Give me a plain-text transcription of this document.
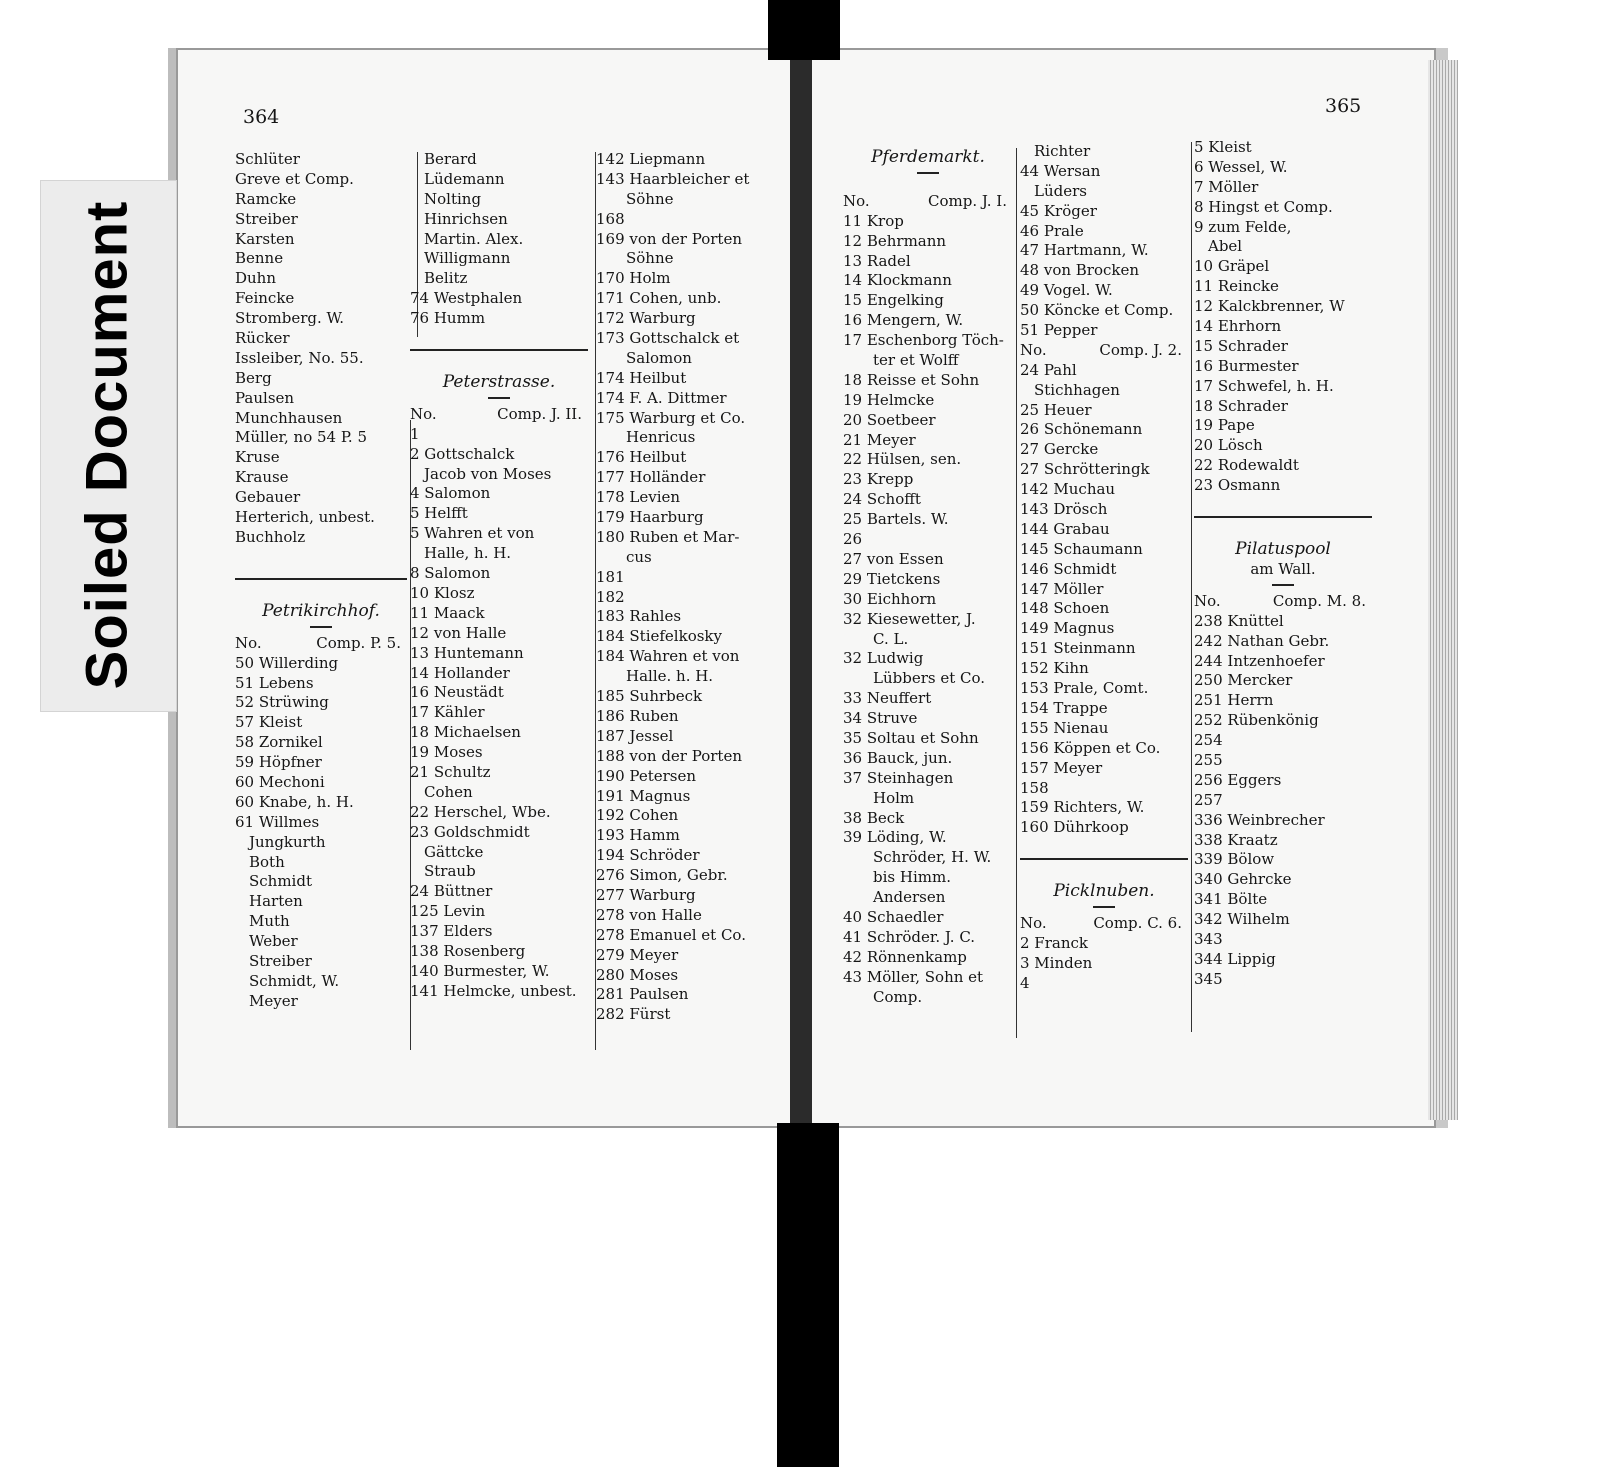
Soiled Document
364
Schlüter
Greve et Comp.
Ramcke
Streiber
Karsten
Benne
Duhn
Feincke
Stromberg. W.
Rücker
Issleiber, No. 55.
Berg
Paulsen
Munchhausen
Müller, no 54 P. 5
Kruse
Krause
Gebauer
Herterich, unbest.
Buchholz
Petrikirchhof.
No.	Comp. P. 5.
50 Willerding
51 Lebens
52 Strüwing
57 Kleist
58 Zornikel
59 Höpfner
60 Mechoni
60 Knabe, h. H.
61 Willmes
Jungkurth
Both
Schmidt
Harten
Muth
Weber
Streiber
Schmidt, W.
Meyer
Berard
Lüdemann
Nolting
Hinrichsen
Martin. Alex.
Willigmann
Belitz
74 Westphalen
76 Humm
Peterstrasse.
No.	Comp. J. II.
1
2 Gottschalck
Jacob von Moses
4 Salomon
5 Helfft
5 Wahren et von
Halle, h. H.
8 Salomon
10 Klosz
11 Maack
12 von Halle
13 Huntemann
14 Hollander
16 Neustädt
17 Kähler
18 Michaelsen
19 Moses
21 Schultz
Cohen
22 Herschel, Wbe.
23 Goldschmidt
Gättcke
Straub
24 Büttner
125 Levin
137 Elders
138 Rosenberg
140 Burmester, W.
141 Helmcke, unbest.
142 Liepmann
143 Haarbleicher et
Söhne
168
169 von der Porten
Söhne
170 Holm
171 Cohen, unb.
172 Warburg
173 Gottschalck et
Salomon
174 Heilbut
174 F. A. Dittmer
175 Warburg et Co.
Henricus
176 Heilbut
177 Holländer
178 Levien
179 Haarburg
180 Ruben et Mar-
cus
181
182
183 Rahles
184 Stiefelkosky
184 Wahren et von
Halle. h. H.
185 Suhrbeck
186 Ruben
187 Jessel
188 von der Porten
190 Petersen
191 Magnus
192 Cohen
193 Hamm
194 Schröder
276 Simon, Gebr.
277 Warburg
278 von Halle
278 Emanuel et Co.
279 Meyer
280 Moses
281 Paulsen
282 Fürst
365
Pferdemarkt.
No.	Comp. J. I.
11 Krop
12 Behrmann
13 Radel
14 Klockmann
15 Engelking
16 Mengern, W.
17 Eschenborg Töch-
ter et Wolff
18 Reisse et Sohn
19 Helmcke
20 Soetbeer
21 Meyer
22 Hülsen, sen.
23 Krepp
24 Schofft
25 Bartels. W.
26
27 von Essen
29 Tietckens
30 Eichhorn
32 Kiesewetter, J.
C. L.
32 Ludwig
Lübbers et Co.
33 Neuffert
34 Struve
35 Soltau et Sohn
36 Bauck, jun.
37 Steinhagen
Holm
38 Beck
39 Löding, W.
Schröder, H. W.
bis Himm.
Andersen
40 Schaedler
41 Schröder. J. C.
42 Rönnenkamp
43 Möller, Sohn et
Comp.
Richter
44 Wersan
Lüders
45 Kröger
46 Prale
47 Hartmann, W.
48 von Brocken
49 Vogel. W.
50 Köncke et Comp.
51 Pepper
No.	Comp. J. 2.
24 Pahl
Stichhagen
25 Heuer
26 Schönemann
27 Gercke
27 Schrötteringk
142 Muchau
143 Drösch
144 Grabau
145 Schaumann
146 Schmidt
147 Möller
148 Schoen
149 Magnus
151 Steinmann
152 Kihn
153 Prale, Comt.
154 Trappe
155 Nienau
156 Köppen et Co.
157 Meyer
158
159 Richters, W.
160 Dührkoop
Picklnuben.
No.	Comp. C. 6.
2 Franck
3 Minden
4
5 Kleist
6 Wessel, W.
7 Möller
8 Hingst et Comp.
9 zum Felde,
Abel
10 Gräpel
11 Reincke
12 Kalckbrenner, W
14 Ehrhorn
15 Schrader
16 Burmester
17 Schwefel, h. H.
18 Schrader
19 Pape
20 Lösch
22 Rodewaldt
23 Osmann
Pilatuspool
am Wall.
No.	Comp. M. 8.
238 Knüttel
242 Nathan Gebr.
244 Intzenhoefer
250 Mercker
251 Herrn
252 Rübenkönig
254
255
256 Eggers
257
336 Weinbrecher
338 Kraatz
339 Bölow
340 Gehrcke
341 Bölte
342 Wilhelm
343
344 Lippig
345
